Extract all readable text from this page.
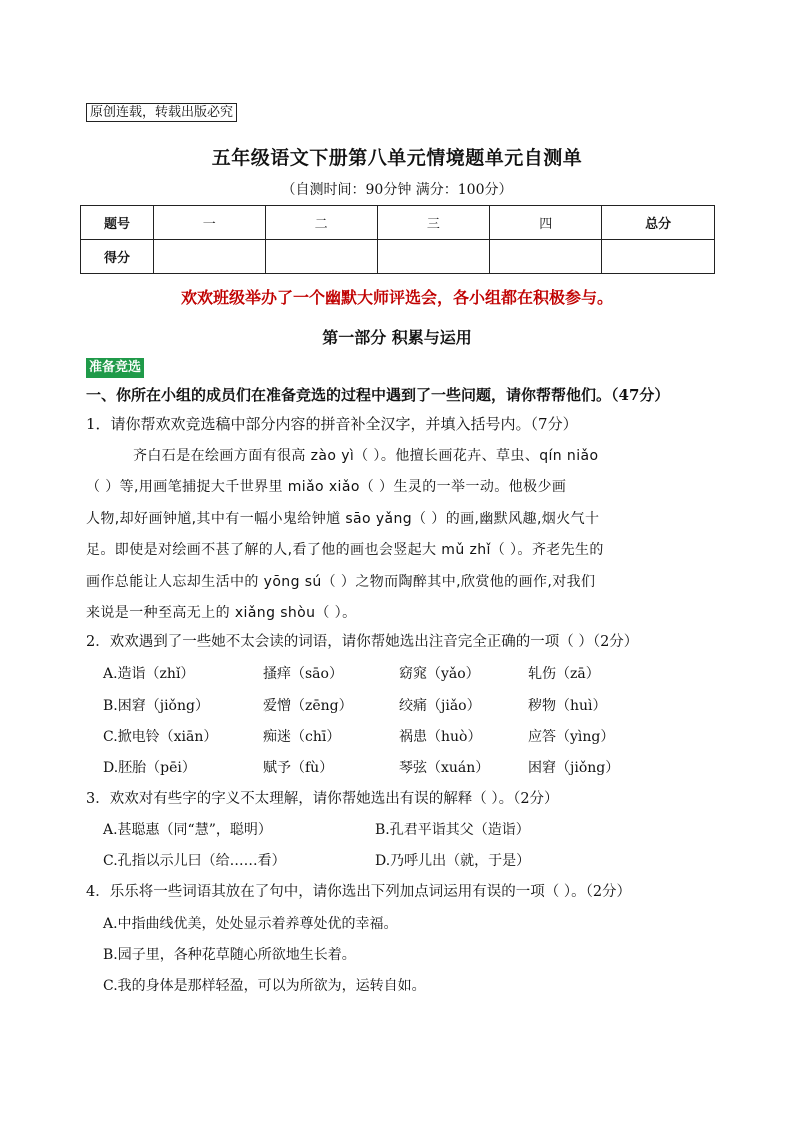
原创连载，转载出版必究
五年级语文下册第八单元情境题单元自测单
（自测时间：90分钟 满分：100分）
题号	一	二	三	四	总分
得分					
欢欢班级举办了一个幽默大师评选会，各小组都在积极参与。
第一部分 积累与运用
准备竞选
一、你所在小组的成员们在准备竞选的过程中遇到了一些问题，请你帮帮他们。（47分）
1．请你帮欢欢竞选稿中部分内容的拼音补全汉字，并填入括号内。（7分）
齐白石是在绘画方面有很高 zào yì（ ）。他擅长画花卉、草虫、qín niǎo
（ ）等,用画笔捕捉大千世界里 miǎo xiǎo（ ）生灵的一举一动。他极少画
人物,却好画钟馗,其中有一幅小鬼给钟馗 sāo yǎng（ ）的画,幽默风趣,烟火气十
足。即使是对绘画不甚了解的人,看了他的画也会竖起大 mǔ zhǐ（ ）。齐老先生的
画作总能让人忘却生活中的 yōng sú（ ）之物而陶醉其中,欣赏他的画作,对我们
来说是一种至高无上的 xiǎng shòu（ ）。
2．欢欢遇到了一些她不太会读的词语，请你帮她选出注音完全正确的一项（ ）（2分）
A.造诣（zhǐ）	搔痒（sāo）	窈窕（yǎo）	轧伤（zā）
B.困窘（jiǒng）	爱憎（zēng）	绞痛（jiǎo）	秽物（huì）
C.掀电铃（xiān）	痴迷（chī）	祸患（huò）	应答（yìng）
D.胚胎（pēi）	赋予（fù）	琴弦（xuán）	困窘（jiǒng）
3．欢欢对有些字的字义不太理解，请你帮她选出有误的解释（ ）。（2分）
A.甚聪惠（同“慧”，聪明）	B.孔君平诣其父（造诣）
C.孔指以示儿曰（给……看）	D.乃呼儿出（就，于是）
4．乐乐将一些词语其放在了句中，请你选出下列加点词运用有误的一项（ ）。（2分）
A.中指曲线优美，处处显示着养尊处优的幸福。
B.园子里，各种花草随心所欲地生长着。
C.我的身体是那样轻盈，可以为所欲为，运转自如。
